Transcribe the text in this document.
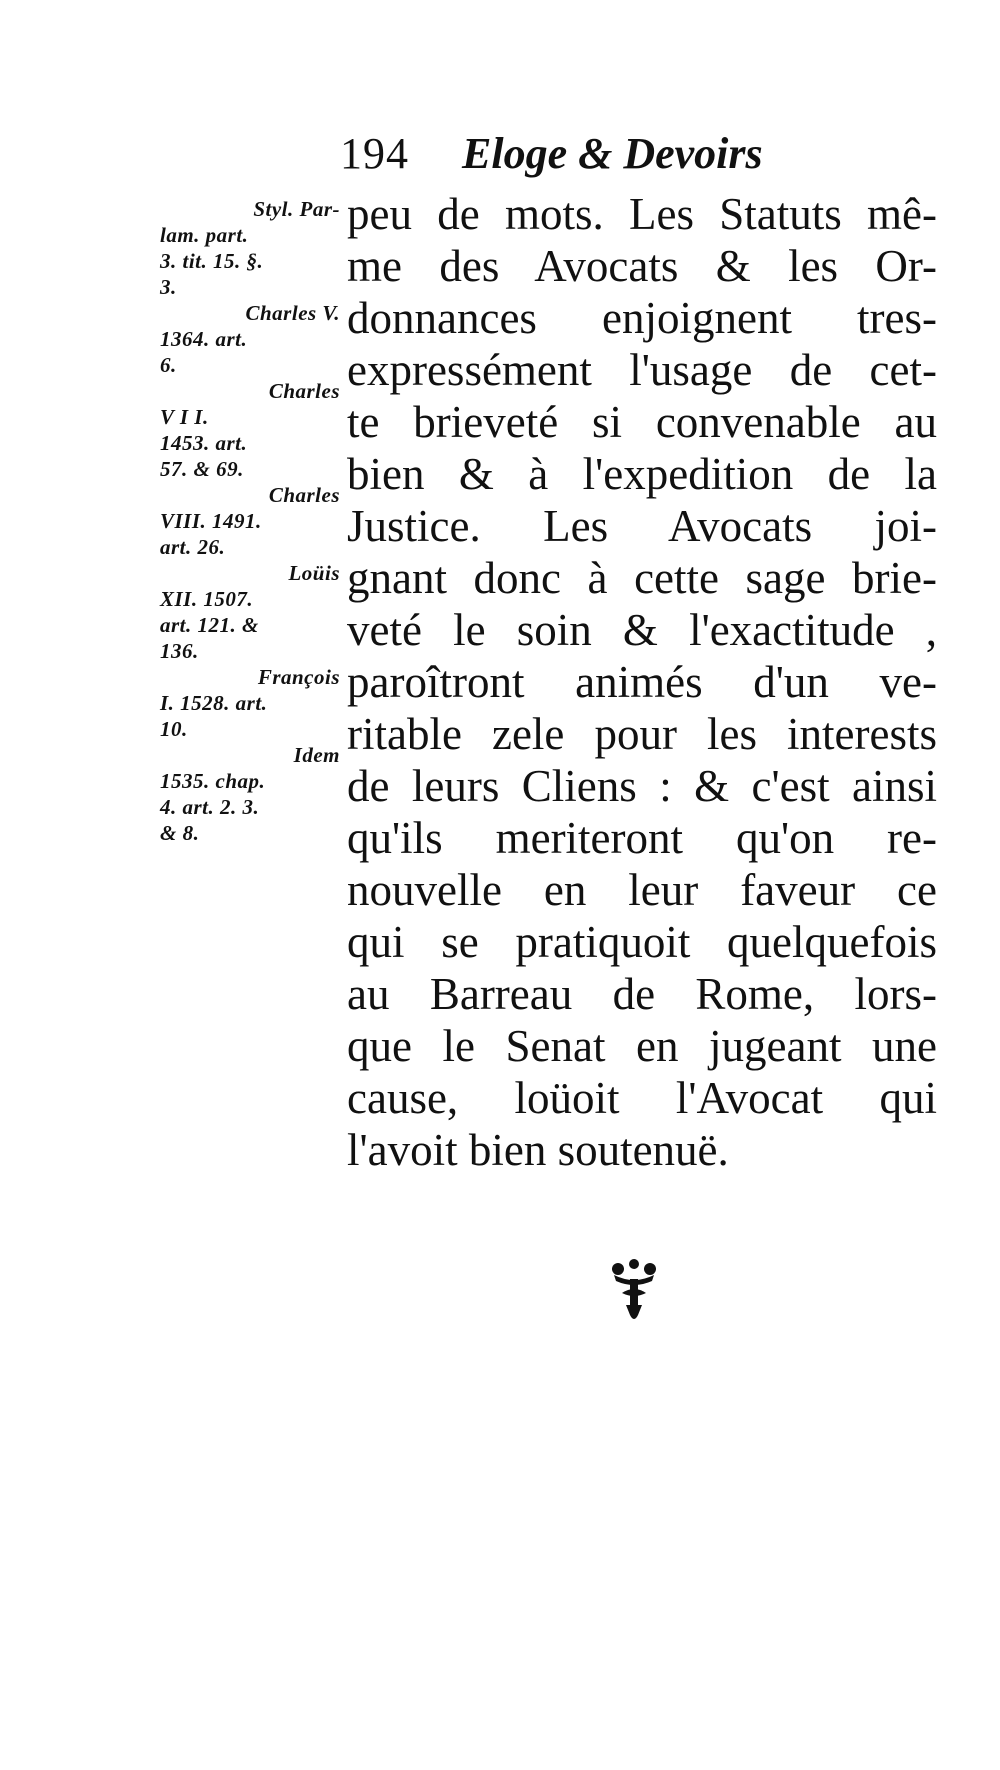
194 Eloge & Devoirs
Styl. Par-
lam. part.
3. tit. 15. §.
3.
Charles V.
1364. art.
6.
Charles
V I I.
1453. art.
57. & 69.
Charles
VIII. 1491.
art. 26.
Loüis
XII. 1507.
art. 121. &
136.
François
I. 1528. art.
10.
Idem
1535. chap.
4. art. 2. 3.
& 8.
peu de mots. Les Statuts mê-
me des Avocats & les Or-
donnances enjoignent tres-
expressément l'usage de cet-
te brieveté si convenable au
bien & à l'expedition de la
Justice. Les Avocats joi-
gnant donc à cette sage brie-
veté le soin & l'exactitude ,
paroîtront animés d'un ve-
ritable zele pour les interests
de leurs Cliens : & c'est ainsi
qu'ils meriteront qu'on re-
nouvelle en leur faveur ce
qui se pratiquoit quelquefois
au Barreau de Rome, lors-
que le Senat en jugeant une
cause, loüoit l'Avocat qui
l'avoit bien soutenuë.
